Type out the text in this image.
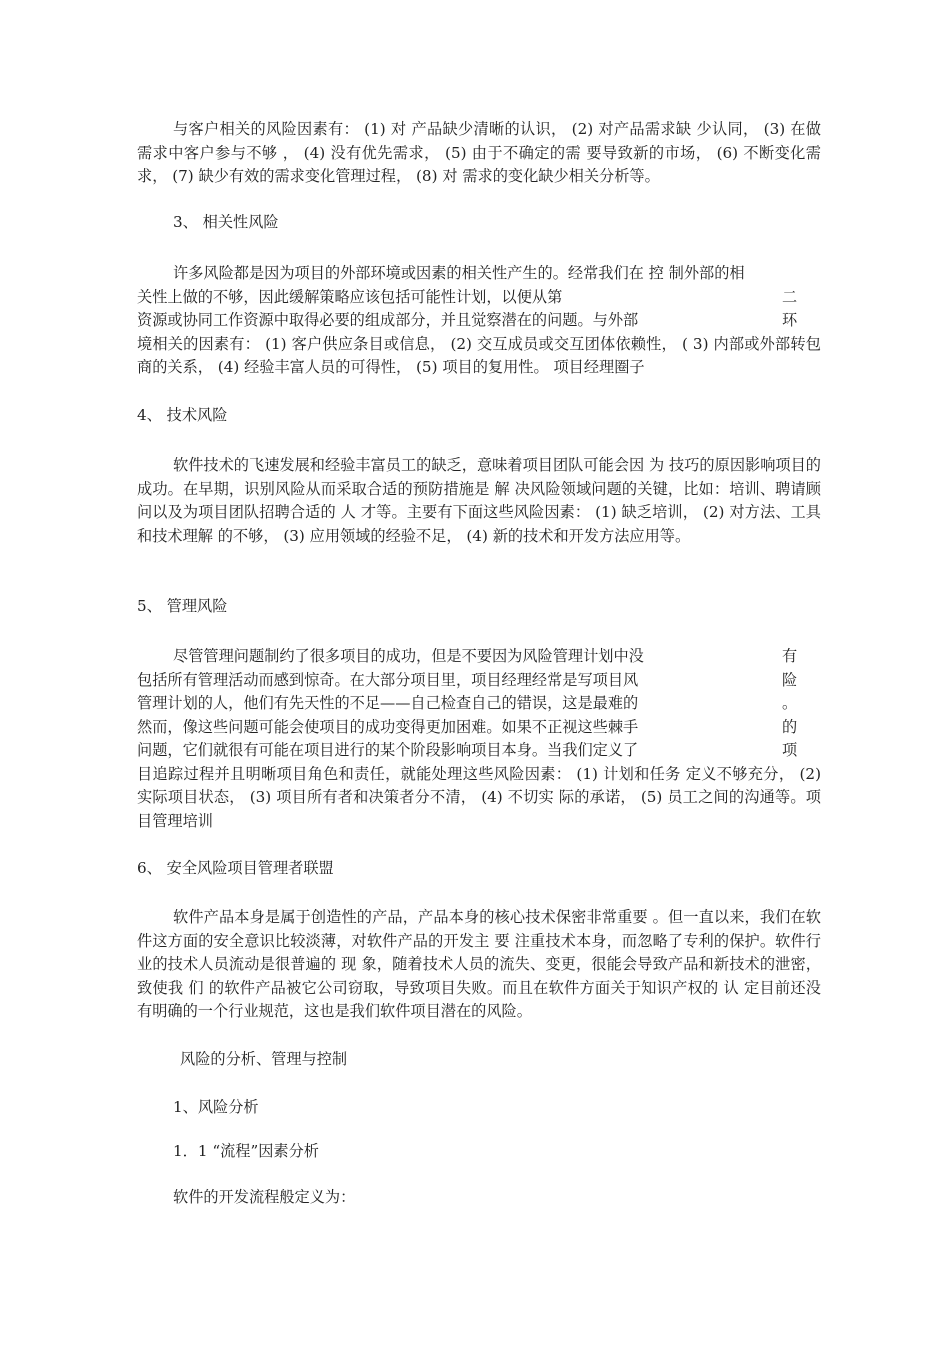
与客户相关的风险因素有： (1) 对 产品缺少清晰的认识， (2) 对产品需求缺 少认同， (3) 在做需求中客户参与不够 ， (4) 没有优先需求， (5) 由于不确定的需 要导致新的市场， (6) 不断变化需求， (7) 缺少有效的需求变化管理过程， (8) 对 需求的变化缺少相关分析等。
3、 相关性风险
许多风险都是因为项目的外部环境或因素的相关性产生的。经常我们在 控 制外部的相
关性上做的不够，因此缓解策略应该包括可能性计划，以便从第	二
资源或协同工作资源中取得必要的组成部分，并且觉察潜在的问题。与外部	环
境相关的因素有： (1) 客户供应条目或信息， (2) 交互成员或交互团体依赖性， ( 3) 内部或外部转包商的关系， (4) 经验丰富人员的可得性， (5) 项目的复用性。 项目经理圈子
4、 技术风险
软件技术的飞速发展和经验丰富员工的缺乏，意味着项目团队可能会因 为 技巧的原因影响项目的成功。在早期，识别风险从而采取合适的预防措施是 解 决风险领域问题的关键，比如：培训、聘请顾问以及为项目团队招聘合适的 人 才等。主要有下面这些风险因素： (1) 缺乏培训， (2) 对方法、工具和技术理解 的不够， (3) 应用领域的经验不足， (4) 新的技术和开发方法应用等。
5、 管理风险
尽管管理问题制约了很多项目的成功，但是不要因为风险管理计划中没	有
包括所有管理活动而感到惊奇。在大部分项目里，项目经理经常是写项目风	险
管理计划的人，他们有先天性的不足——自己检查自己的错误，这是最难的	。
然而，像这些问题可能会使项目的成功变得更加困难。如果不正视这些棘手	的
问题，它们就很有可能在项目进行的某个阶段影响项目本身。当我们定义了	项
目追踪过程并且明晰项目角色和责任，就能处理这些风险因素： (1) 计划和任务 定义不够充分， (2) 实际项目状态， (3) 项目所有者和决策者分不清， (4) 不切实 际的承诺， (5) 员工之间的沟通等。项 目管理培训
6、 安全风险项目管理者联盟
软件产品本身是属于创造性的产品，产品本身的核心技术保密非常重要 。但一直以来，我们在软件这方面的安全意识比较淡薄，对软件产品的开发主 要 注重技术本身，而忽略了专利的保护。软件行业的技术人员流动是很普遍的 现 象，随着技术人员的流失、变更，很能会导致产品和新技术的泄密，致使我 们 的软件产品被它公司窃取，导致项目失败。而且在软件方面关于知识产权的 认 定目前还没有明确的一个行业规范，这也是我们软件项目潜在的风险。
风险的分析、管理与控制
1、风险分析
1．1 “流程”因素分析
软件的开发流程般定义为：
